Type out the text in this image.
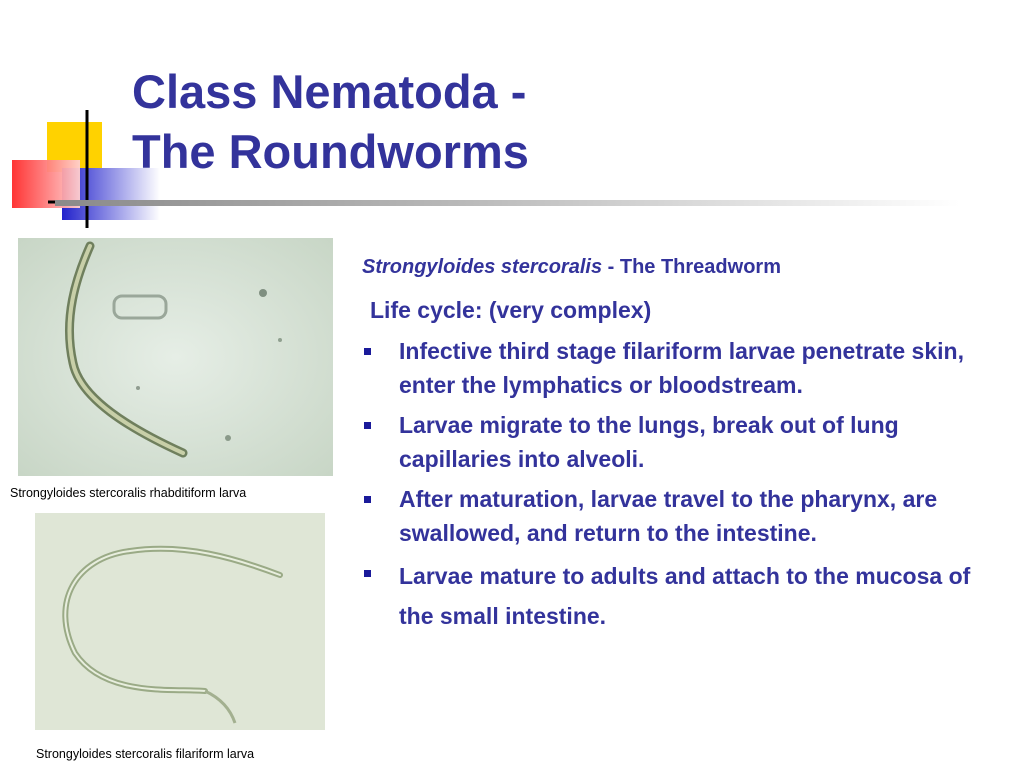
Class Nematoda -
The Roundworms
Strongyloides stercoralis rhabditiform larva
Strongyloides stercoralis filariform larva

Strongyloides stercoralis - The Threadworm

Life cycle: (very complex)

Infective third stage filariform larvae penetrate skin, enter the lymphatics or bloodstream.
Larvae migrate to the lungs, break out of lung capillaries into alveoli.
After maturation, larvae travel to the pharynx, are swallowed, and return to the intestine.
Larvae mature to adults and attach to the mucosa of the small intestine.
